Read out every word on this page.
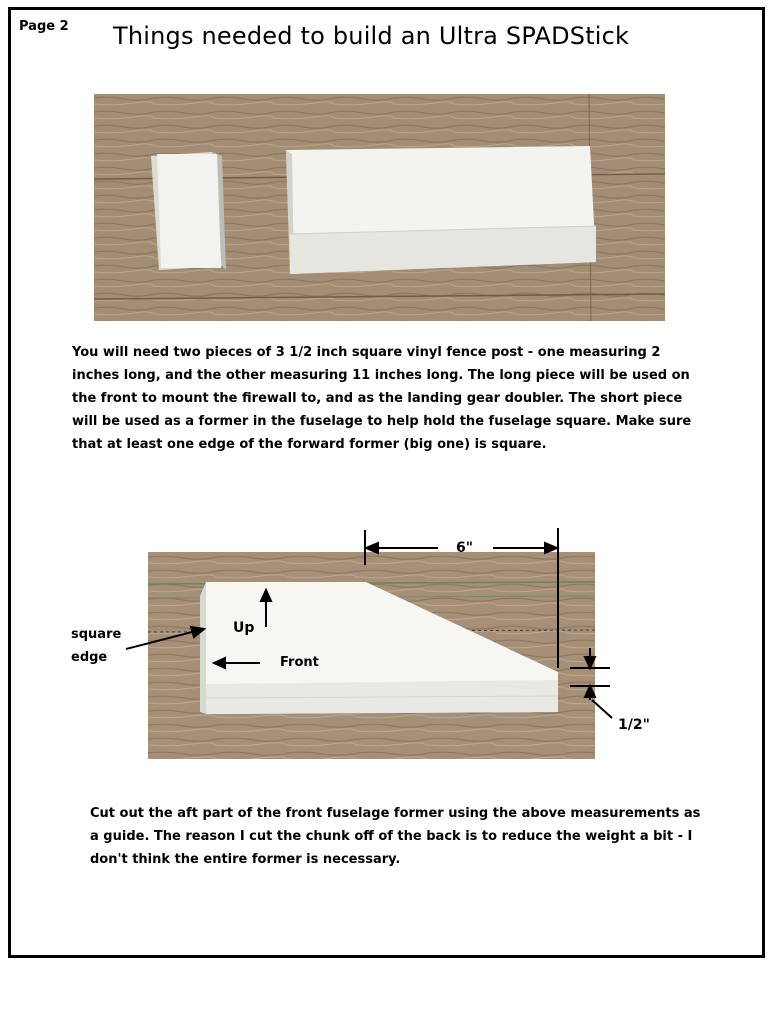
Page 2 Things needed to build an Ultra SPADStick
You will need two pieces of 3 1/2 inch square vinyl fence post - one measuring 2 inches long, and the other measuring 11 inches long. The long piece will be used on the front to mount the firewall to, and as the landing gear doubler. The short piece will be used as a former in the fuselage to help hold the fuselage square. Make sure that at least one edge of the forward former (big one) is square.
6"
Up
Front
square
edge
1/2"
Cut out the aft part of the front fuselage former using the above measurements as a guide. The reason I cut the chunk off of the back is to reduce the weight a bit - I don't think the entire former is necessary.
